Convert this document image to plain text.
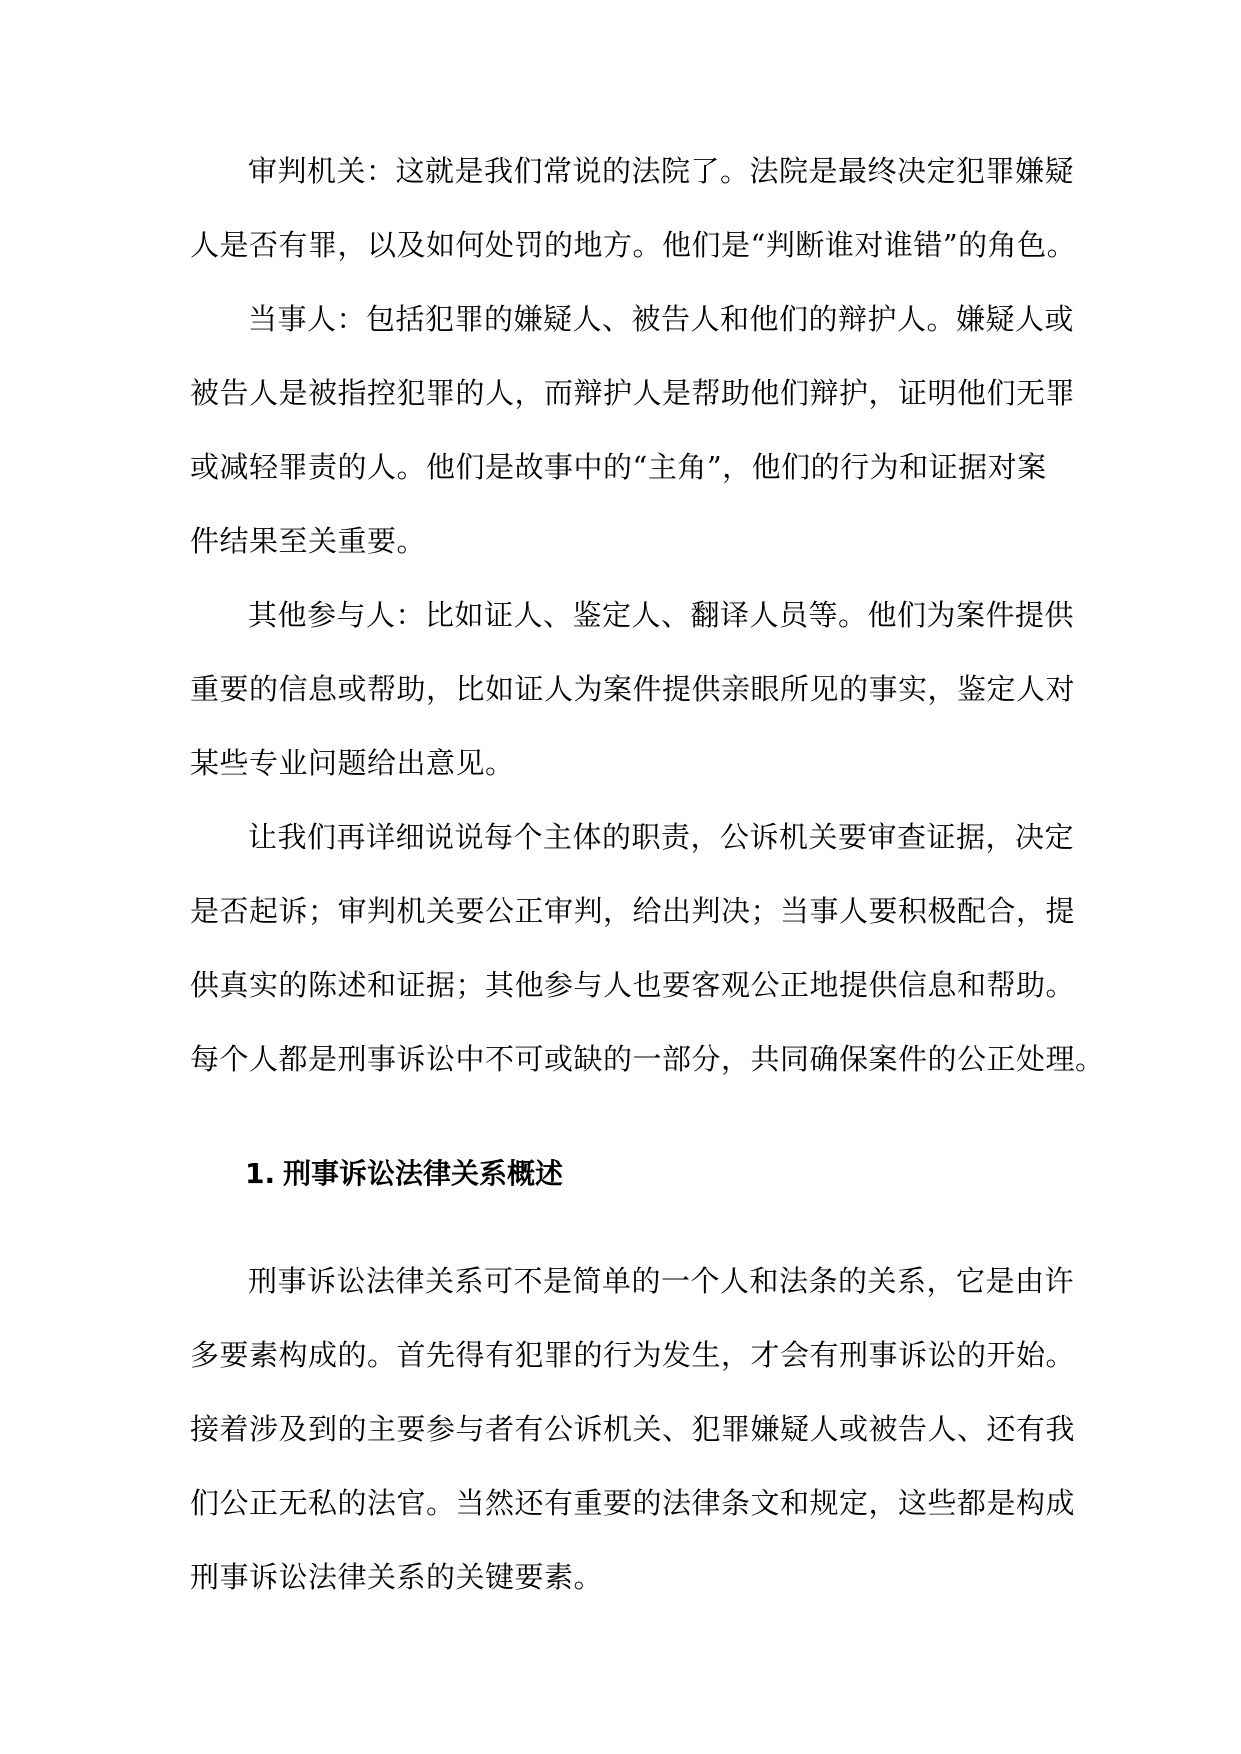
审判机关：这就是我们常说的法院了。法院是最终决定犯罪嫌疑
人是否有罪，以及如何处罚的地方。他们是“判断谁对谁错”的角色。
当事人：包括犯罪的嫌疑人、被告人和他们的辩护人。嫌疑人或
被告人是被指控犯罪的人，而辩护人是帮助他们辩护，证明他们无罪
或减轻罪责的人。他们是故事中的“主角”，他们的行为和证据对案
件结果至关重要。
其他参与人：比如证人、鉴定人、翻译人员等。他们为案件提供
重要的信息或帮助，比如证人为案件提供亲眼所见的事实，鉴定人对
某些专业问题给出意见。
让我们再详细说说每个主体的职责，公诉机关要审查证据，决定
是否起诉；审判机关要公正审判，给出判决；当事人要积极配合，提
供真实的陈述和证据；其他参与人也要客观公正地提供信息和帮助。
每个人都是刑事诉讼中不可或缺的一部分，共同确保案件的公正处理。
1. 刑事诉讼法律关系概述
刑事诉讼法律关系可不是简单的一个人和法条的关系，它是由许
多要素构成的。首先得有犯罪的行为发生，才会有刑事诉讼的开始。
接着涉及到的主要参与者有公诉机关、犯罪嫌疑人或被告人、还有我
们公正无私的法官。当然还有重要的法律条文和规定，这些都是构成
刑事诉讼法律关系的关键要素。
